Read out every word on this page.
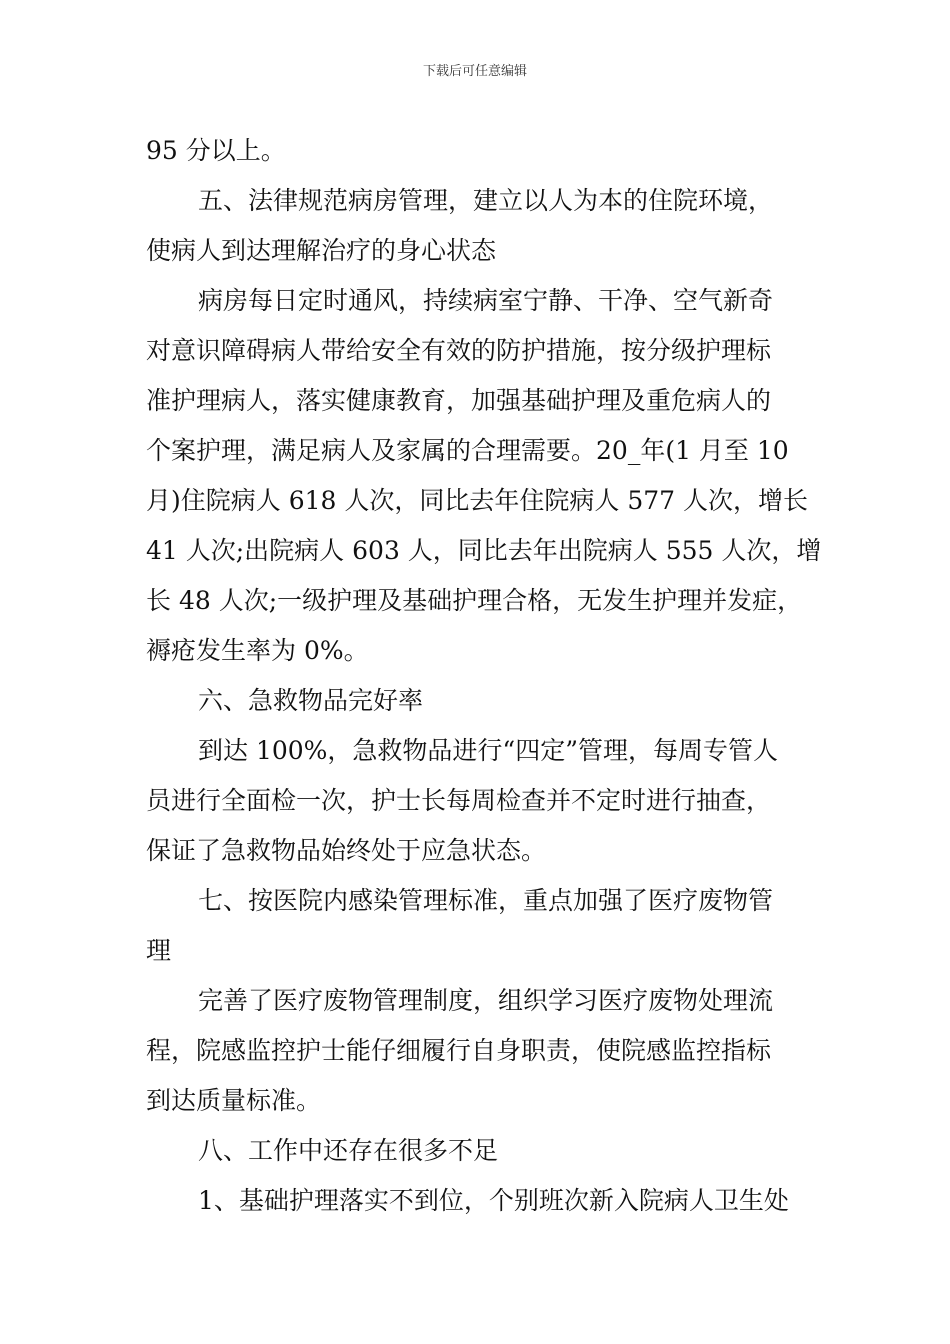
下载后可任意编辑
95 分以上。
五、法律规范病房管理，建立以人为本的住院环境，
使病人到达理解治疗的身心状态
病房每日定时通风，持续病室宁静、干净、空气新奇
对意识障碍病人带给安全有效的防护措施，按分级护理标
准护理病人，落实健康教育，加强基础护理及重危病人的
个案护理，满足病人及家属的合理需要。20_年(1 月至 10
月)住院病人 618 人次，同比去年住院病人 577 人次，增长
41 人次;出院病人 603 人，同比去年出院病人 555 人次，增
长 48 人次;一级护理及基础护理合格，无发生护理并发症，
褥疮发生率为 0%。
六、急救物品完好率
到达 100%，急救物品进行“四定”管理，每周专管人
员进行全面检一次，护士长每周检查并不定时进行抽查，
保证了急救物品始终处于应急状态。
七、按医院内感染管理标准，重点加强了医疗废物管
理
完善了医疗废物管理制度，组织学习医疗废物处理流
程，院感监控护士能仔细履行自身职责，使院感监控指标
到达质量标准。
八、工作中还存在很多不足
1、基础护理落实不到位，个别班次新入院病人卫生处
